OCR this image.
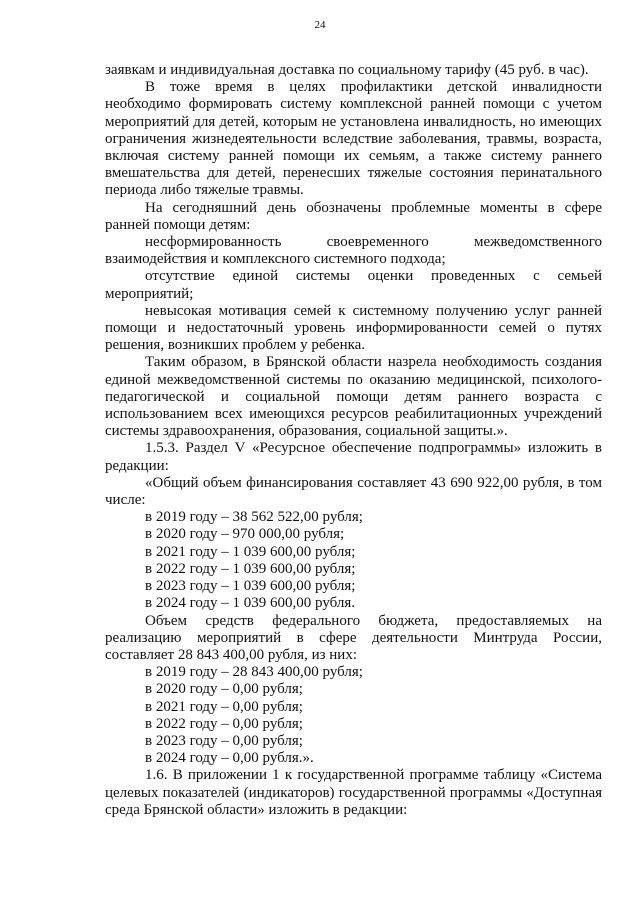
24

заявкам и индивидуальная доставка по социальному тарифу (45 руб. в час).

В тоже время в целях профилактики детской инвалидности необходимо формировать систему комплексной ранней помощи с учетом мероприятий для детей, которым не установлена инвалидность, но имеющих ограничения жизнедеятельности вследствие заболевания, травмы, возраста, включая систему ранней помощи их семьям, а также систему раннего вмешательства для детей, перенесших тяжелые состояния перинатального периода либо тяжелые травмы.

На сегодняшний день обозначены проблемные моменты в сфере ранней помощи детям:

несформированность своевременного межведомственного взаимодействия и комплексного системного подхода;

отсутствие единой системы оценки проведенных с семьей мероприятий;

невысокая мотивация семей к системному получению услуг ранней помощи и недостаточный уровень информированности семей о путях решения, возникших проблем у ребенка.

Таким образом, в Брянской области назрела необходимость создания единой межведомственной системы по оказанию медицинской, психолого-педагогической и социальной помощи детям раннего возраста с использованием всех имеющихся ресурсов реабилитационных учреждений системы здравоохранения, образования, социальной защиты.».

1.5.3. Раздел V «Ресурсное обеспечение подпрограммы» изложить в редакции:

«Общий объем финансирования составляет 43 690 922,00 рубля, в том числе:

в 2019 году – 38 562 522,00 рубля;

в 2020 году – 970 000,00 рубля;

в 2021 году – 1 039 600,00 рубля;

в 2022 году – 1 039 600,00 рубля;

в 2023 году – 1 039 600,00 рубля;

в 2024 году – 1 039 600,00 рубля.

Объем средств федерального бюджета, предоставляемых на реализацию мероприятий в сфере деятельности Минтруда России, составляет 28 843 400,00 рубля, из них:

в 2019 году – 28 843 400,00 рубля;

в 2020 году – 0,00 рубля;

в 2021 году – 0,00 рубля;

в 2022 году – 0,00 рубля;

в 2023 году – 0,00 рубля;

в 2024 году – 0,00 рубля.».

1.6. В приложении 1 к государственной программе таблицу «Система целевых показателей (индикаторов) государственной программы «Доступная среда Брянской области» изложить в редакции:
